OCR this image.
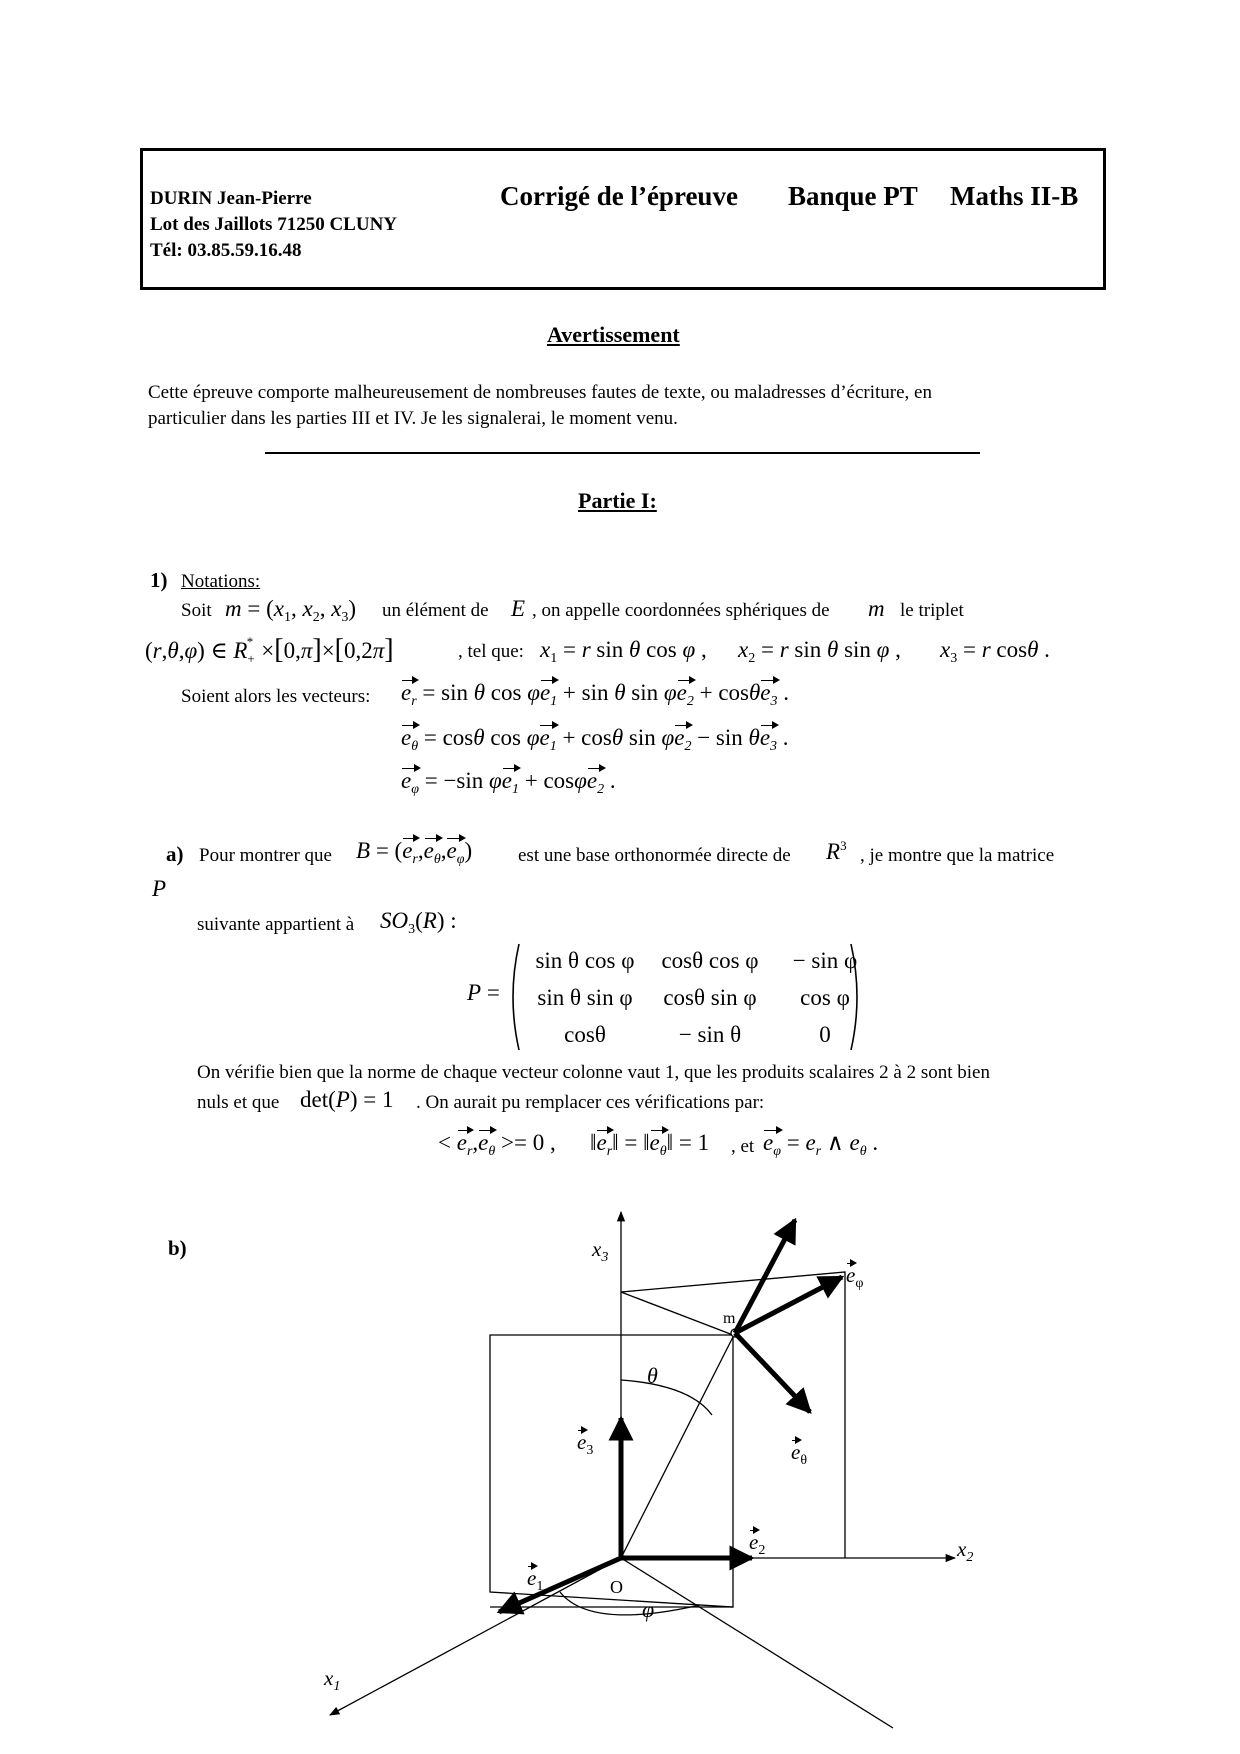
DURIN Jean-Pierre
Lot des Jaillots 71250 CLUNY
Tél: 03.85.59.16.48
Corrigé de l’épreuve Banque PT Maths II-B
Avertissement
Cette épreuve comporte malheureusement de nombreuses fautes de texte, ou maladresses d’écriture, en
particulier dans les parties III et IV. Je les signalerai, le moment venu.
Partie I:
1) Notations:
Soit $m = (x_1$, $x_2$, $x_3$) un élément de E , on appelle coordonnées sphériques de m le triplet
(r,θ,φ) ∈ $R_+^* \times[0,\pi]\times[0,2\pi]$	, tel que: $x_1 = r$ sin θ cos φ , $x_2 = r$ sin θ sin φ , $x_3 = r$ cosθ .
Soient alors les vecteurs: $e_r = \sin \theta$ $\cos \varphi e_1 + \sin \theta$ $\sin \varphi e_2 + \cos\theta e_3$ .
$e_\theta = \cos\theta$ $\cos \varphi e_1 + \cos\theta$ $\sin \varphi e_2 - \sin \theta e_3$ .
$e_\varphi = -\sin$ $\varphi e_1 + \cos\varphi e_2$ .
a) Pour montrer que $B = (e_r,e_\theta,e_\varphi)$ est une base orthonormée directe de $R^3$ , je montre que la matrice
P
suivante appartient à $SO_3(R)$ :
P =
sin θ cos φ	cosθ cos φ	− sin φ
sin θ sin φ	cosθ sin φ	cos φ
cosθ	− sin θ	0
On vérifie bien que la norme de chaque vecteur colonne vaut 1, que les produits scalaires 2 à 2 sont bien
nuls et que det(P) = 1 . On aurait pu remplacer ces vérifications par:
< $e_r,e_\theta >= 0$ , $‖e_r‖$ = $‖e_\theta‖ = 1$ , et $e_\varphi = e_r$ ∧ $e_\theta$ .
b)	$x_3$
$x_2$
$x_1$
O
m
θ
φ
$e_3$
$e_2$
$e_1$
$e_\theta$
$e_\varphi$
